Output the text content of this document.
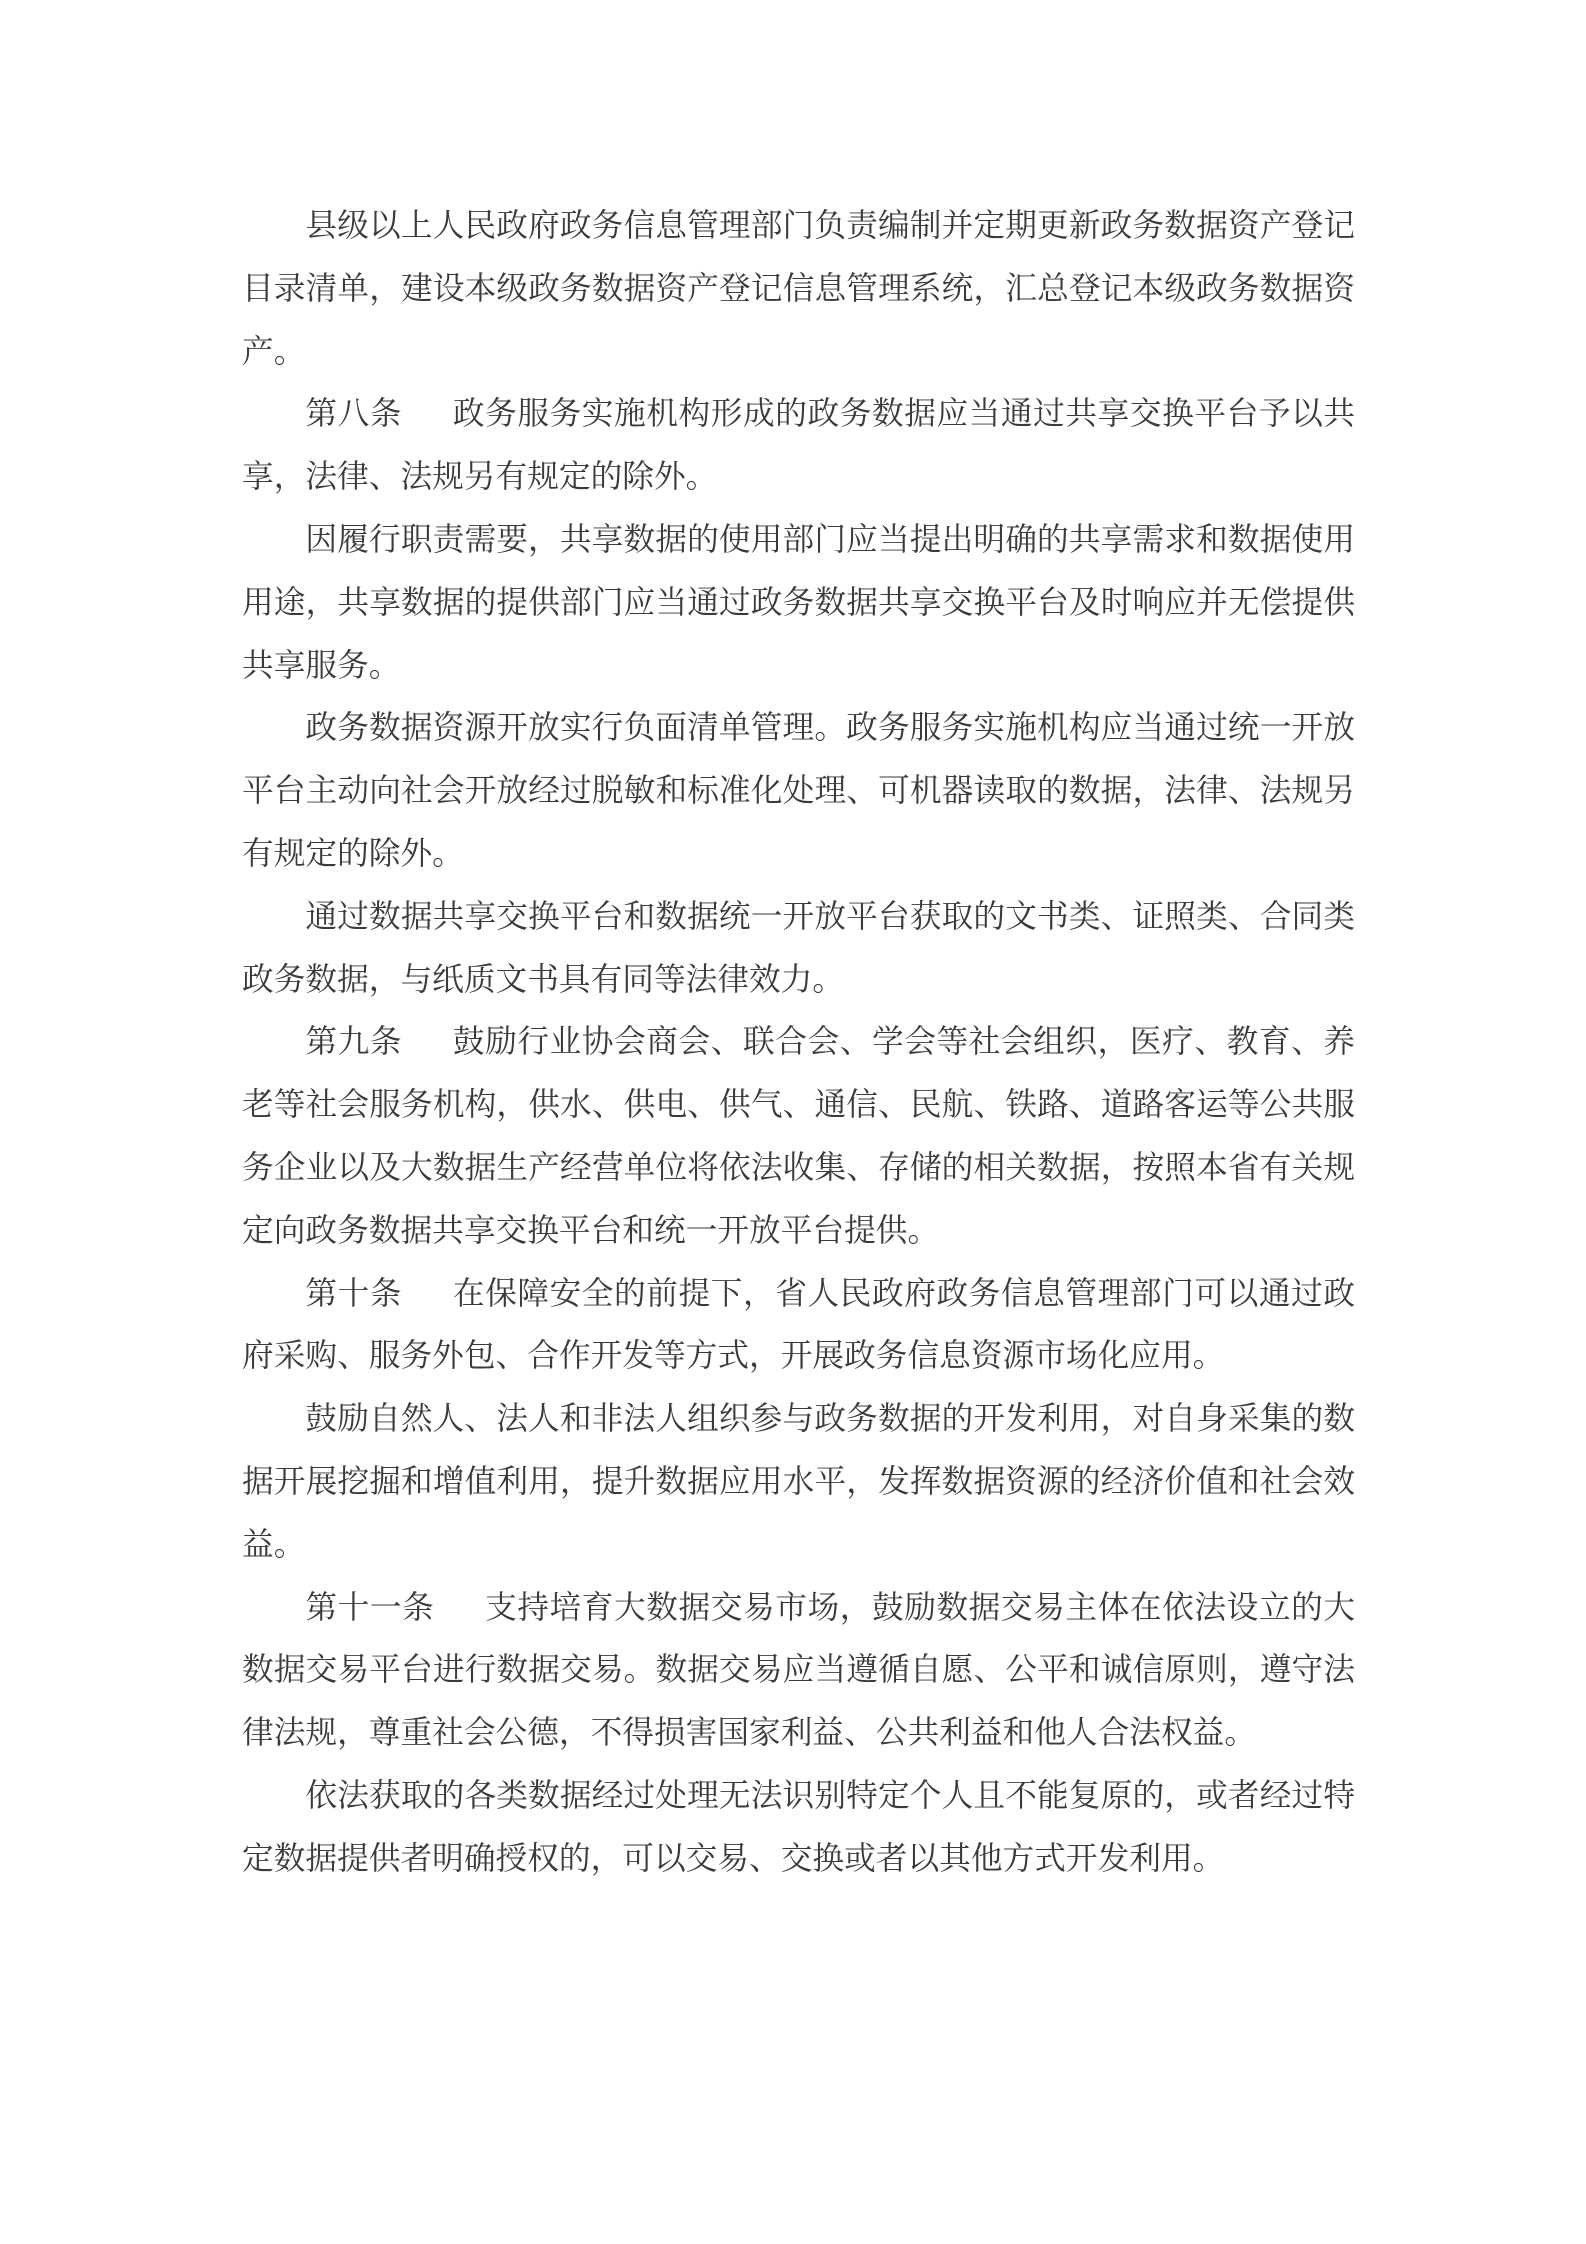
县级以上人民政府政务信息管理部门负责编制并定期更新政务数据资产登记目录清单，建设本级政务数据资产登记信息管理系统，汇总登记本级政务数据资产。

第八条 政务服务实施机构形成的政务数据应当通过共享交换平台予以共享，法律、法规另有规定的除外。

因履行职责需要，共享数据的使用部门应当提出明确的共享需求和数据使用用途，共享数据的提供部门应当通过政务数据共享交换平台及时响应并无偿提供共享服务。

政务数据资源开放实行负面清单管理。政务服务实施机构应当通过统一开放平台主动向社会开放经过脱敏和标准化处理、可机器读取的数据，法律、法规另有规定的除外。

通过数据共享交换平台和数据统一开放平台获取的文书类、证照类、合同类政务数据，与纸质文书具有同等法律效力。

第九条 鼓励行业协会商会、联合会、学会等社会组织，医疗、教育、养老等社会服务机构，供水、供电、供气、通信、民航、铁路、道路客运等公共服务企业以及大数据生产经营单位将依法收集、存储的相关数据，按照本省有关规定向政务数据共享交换平台和统一开放平台提供。

第十条 在保障安全的前提下，省人民政府政务信息管理部门可以通过政府采购、服务外包、合作开发等方式，开展政务信息资源市场化应用。

鼓励自然人、法人和非法人组织参与政务数据的开发利用，对自身采集的数据开展挖掘和增值利用，提升数据应用水平，发挥数据资源的经济价值和社会效益。

第十一条 支持培育大数据交易市场，鼓励数据交易主体在依法设立的大数据交易平台进行数据交易。数据交易应当遵循自愿、公平和诚信原则，遵守法律法规，尊重社会公德，不得损害国家利益、公共利益和他人合法权益。

依法获取的各类数据经过处理无法识别特定个人且不能复原的，或者经过特定数据提供者明确授权的，可以交易、交换或者以其他方式开发利用。
